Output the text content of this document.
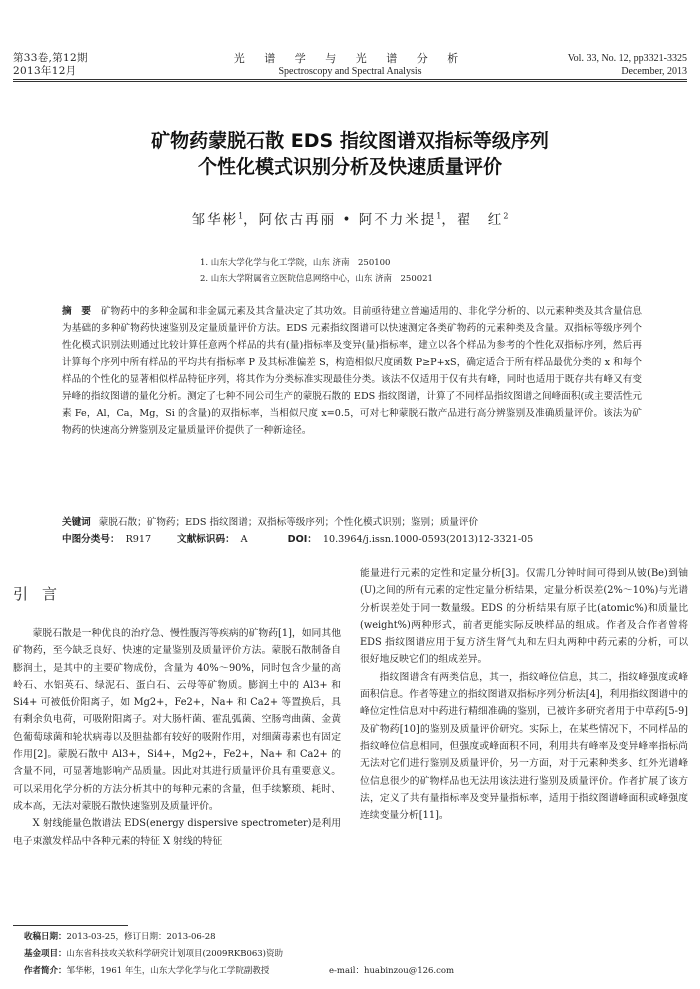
第33卷,第12期
2013年12月
光 谱 学 与 光 谱 分 析
Spectroscopy and Spectral Analysis
Vol. 33, No. 12, pp3321-3325
December, 2013
矿物药蒙脱石散 EDS 指纹图谱双指标等级序列
个性化模式识别分析及快速质量评价
邹华彬$^1$，阿依古再丽 • 阿不力米提$^1$，翟　红$^2$
1. 山东大学化学与化工学院，山东 济南　250100
2. 山东大学附属省立医院信息网络中心，山东 济南　250021
摘　要 矿物药中的多种金属和非金属元素及其含量决定了其功效。目前亟待建立普遍适用的、非化学分析的、以元素种类及其含量信息为基础的多种矿物药快速鉴别及定量质量评价方法。EDS 元素指纹图谱可以快速测定各类矿物药的元素种类及含量。双指标等级序列个性化模式识别法则通过比较计算任意两个样品的共有(量)指标率及变异(量)指标率，建立以各个样品为参考的个性化双指标序列，然后再计算每个序列中所有样品的平均共有指标率 P 及其标准偏差 S，构造相似尺度函数 P≥P+xS，确定适合于所有样品最优分类的 x 和每个样品的个性化的显著相似样品特征序列，将其作为分类标准实现最佳分类。该法不仅适用于仅有共有峰，同时也适用于既存共有峰又有变异峰的指纹图谱的量化分析。测定了七种不同公司生产的蒙脱石散的 EDS 指纹图谱，计算了不同样品指纹图谱之间峰面积(或主要活性元素 Fe，Al，Ca，Mg，Si 的含量)的双指标率，当相似尺度 x=0.5，可对七种蒙脱石散产品进行高分辨鉴别及准确质量评价。该法为矿物药的快速高分辨鉴别及定量质量评价提供了一种新途径。
关键词 蒙脱石散；矿物药；EDS 指纹图谱；双指标等级序列；个性化模式识别；鉴别；质量评价
中图分类号： R917	文献标识码： A	DOI： 10.3964/j.issn.1000-0593(2013)12-3321-05
引言

蒙脱石散是一种优良的治疗急、慢性腹泻等疾病的矿物药[1]，如同其他矿物药，至今缺乏良好、快速的定量鉴别及质量评价方法。蒙脱石散制备自膨润土，是其中的主要矿物成份，含量为 40%～90%，同时包含少量的高岭石、水铝英石、绿泥石、蛋白石、云母等矿物质。膨润土中的 Al3+ 和 Si4+ 可被低价阳离子，如 Mg2+，Fe2+，Na+ 和 Ca2+ 等置换后，具有剩余负电荷，可吸附阳离子。对大肠杆菌、霍乱弧菌、空肠弯曲菌、金黄色葡萄球菌和轮状病毒以及胆盐都有较好的吸附作用，对细菌毒素也有固定作用[2]。蒙脱石散中 Al3+，Si4+，Mg2+，Fe2+，Na+ 和 Ca2+ 的含量不同，可显著地影响产品质量。因此对其进行质量评价具有重要意义。可以采用化学分析的方法分析其中的每种元素的含量，但手续繁琐、耗时、成本高，无法对蒙脱石散快速鉴别及质量评价。

X 射线能量色散谱法 EDS(energy dispersive spectrometer)是利用电子束激发样品中各种元素的特征 X 射线的特征

能量进行元素的定性和定量分析[3]。仅需几分钟时间可得到从铍(Be)到铀(U)之间的所有元素的定性定量分析结果，定量分析误差(2%～10%)与光谱分析误差处于同一数量级。EDS 的分析结果有原子比(atomic%)和质量比(weight%)两种形式，前者更能实际反映样品的组成。作者及合作者曾将 EDS 指纹图谱应用于复方济生肾气丸和左归丸两种中药元素的分析，可以很好地反映它们的组成差异。

指纹图谱含有两类信息，其一，指纹峰位信息，其二，指纹峰强度或峰面积信息。作者等建立的指纹图谱双指标序列分析法[4]，利用指纹图谱中的峰位定性信息对中药进行精细准确的鉴别，已被许多研究者用于中草药[5-9]及矿物药[10]的鉴别及质量评价研究。实际上，在某些情况下，不同样品的指纹峰位信息相同，但强度或峰面积不同，利用共有峰率及变异峰率指标尚无法对它们进行鉴别及质量评价，另一方面，对于元素种类多、红外光谱峰位信息很少的矿物样品也无法用该法进行鉴别及质量评价。作者扩展了该方法，定义了共有量指标率及变异量指标率，适用于指纹图谱峰面积或峰强度连续变量分析[11]。

收稿日期：2013-03-25，修订日期：2013-06-28
基金项目：山东省科技攻关软科学研究计划项目(2009RKB063)资助
作者简介：邹华彬，1961 年生，山东大学化学与化工学院副教授	e-mail：huabinzou@126.com
